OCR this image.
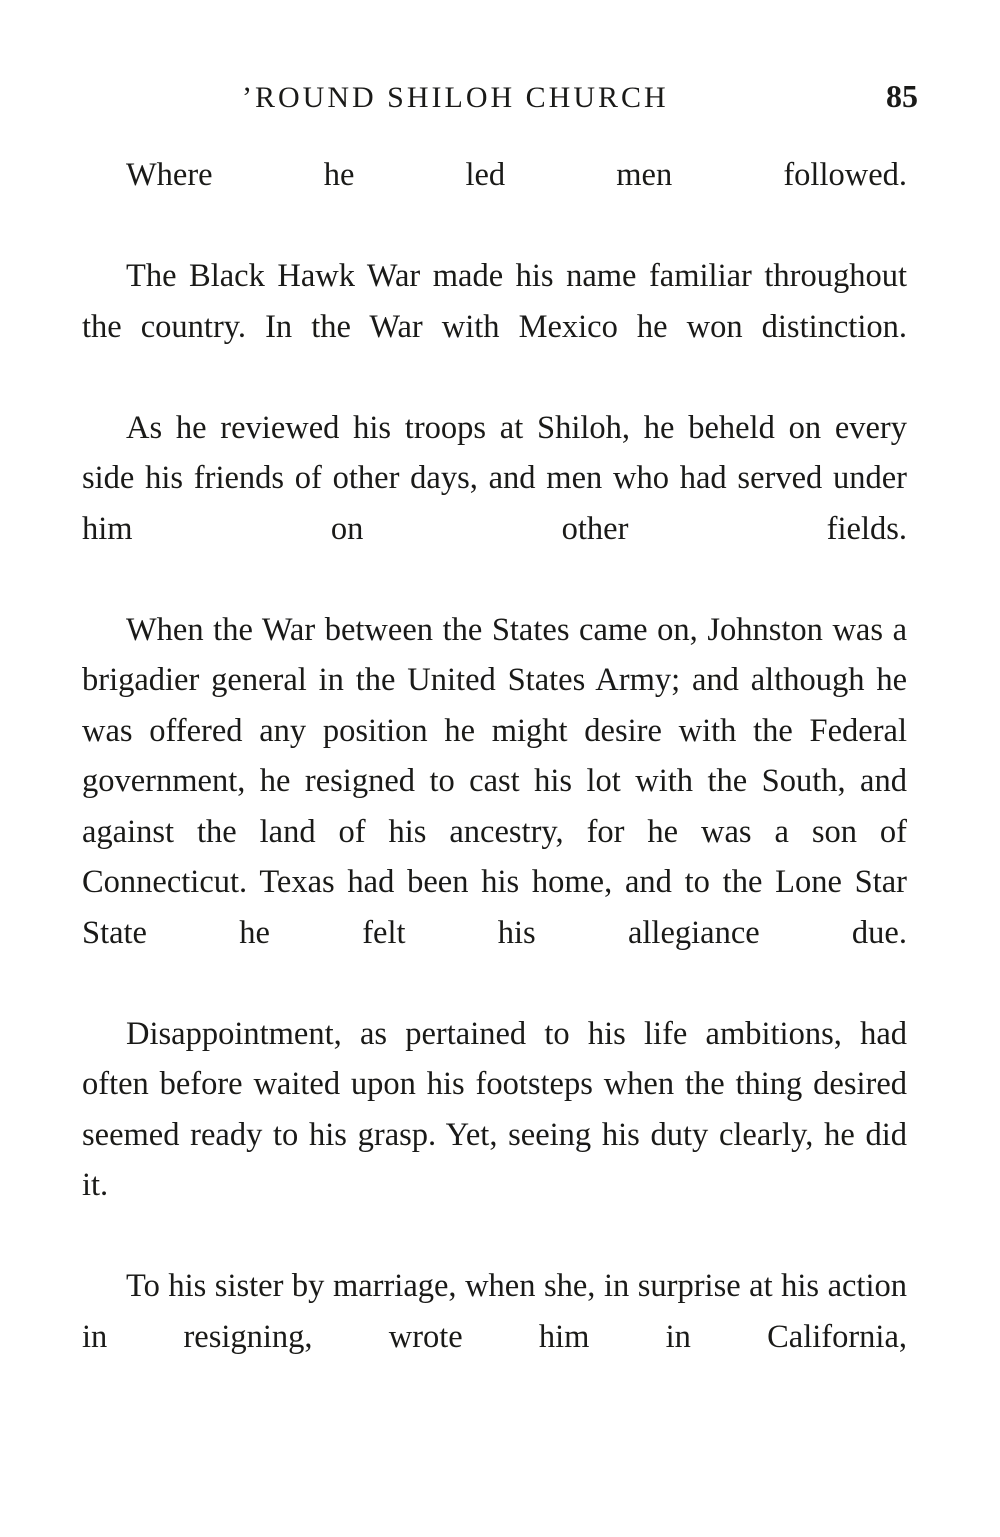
’ROUND SHILOH CHURCH	85

Where he led men followed.

The Black Hawk War made his name familiar throughout the country. In the War with Mexico he won distinction.

As he reviewed his troops at Shiloh, he beheld on every side his friends of other days, and men who had served under him on other fields.

When the War between the States came on, Johnston was a brigadier general in the United States Army; and although he was offered any position he might desire with the Federal government, he resigned to cast his lot with the South, and against the land of his ancestry, for he was a son of Connecticut. Texas had been his home, and to the Lone Star State he felt his allegiance due.

Disappointment, as pertained to his life ambitions, had often before waited upon his footsteps when the thing desired seemed ready to his grasp. Yet, seeing his duty clearly, he did it.

To his sister by marriage, when she, in surprise at his action in resigning, wrote him in California,
